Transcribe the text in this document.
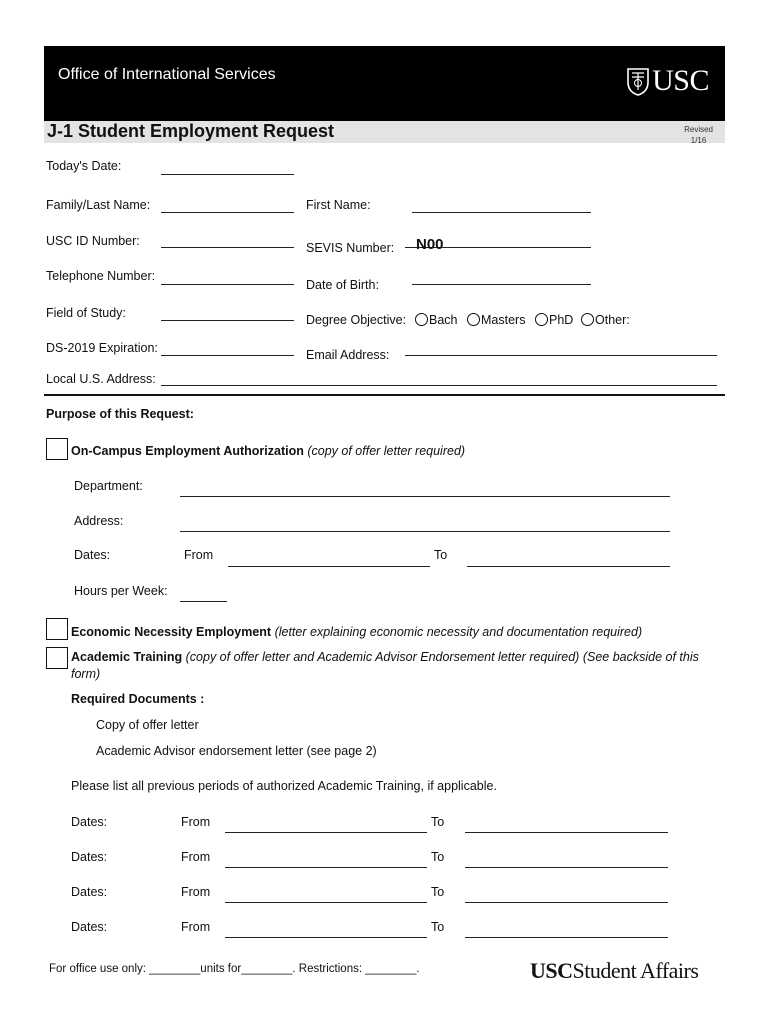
Office of International Services	USC
J-1 Student Employment Request	Revised
1/16
Today's Date:
Family/Last Name:	First Name:
USC ID Number:	SEVIS Number: N00
Telephone Number:
Date of Birth:
Field of Study:	Degree Objective:	Bach	Masters	PhD	Other:
DS-2019 Expiration:	Email Address:
Local U.S. Address:
Purpose of this Request:
On-Campus Employment Authorization (copy of offer letter required)
Department:
Address:
Dates:	From	To
Hours per Week:
Economic Necessity Employment (letter explaining economic necessity and documentation required)
Academic Training (copy of offer letter and Academic Advisor Endorsement letter required) (See backside of this
form)
Required Documents :
Copy of offer letter
Academic Advisor endorsement letter (see page 2)
Please list all previous periods of authorized Academic Training, if applicable.
Dates:	From	To
Dates:	From	To
Dates:	From	To
Dates:	From	To
For office use only: ________units for________. Restrictions: ________.	USCStudent Affairs
